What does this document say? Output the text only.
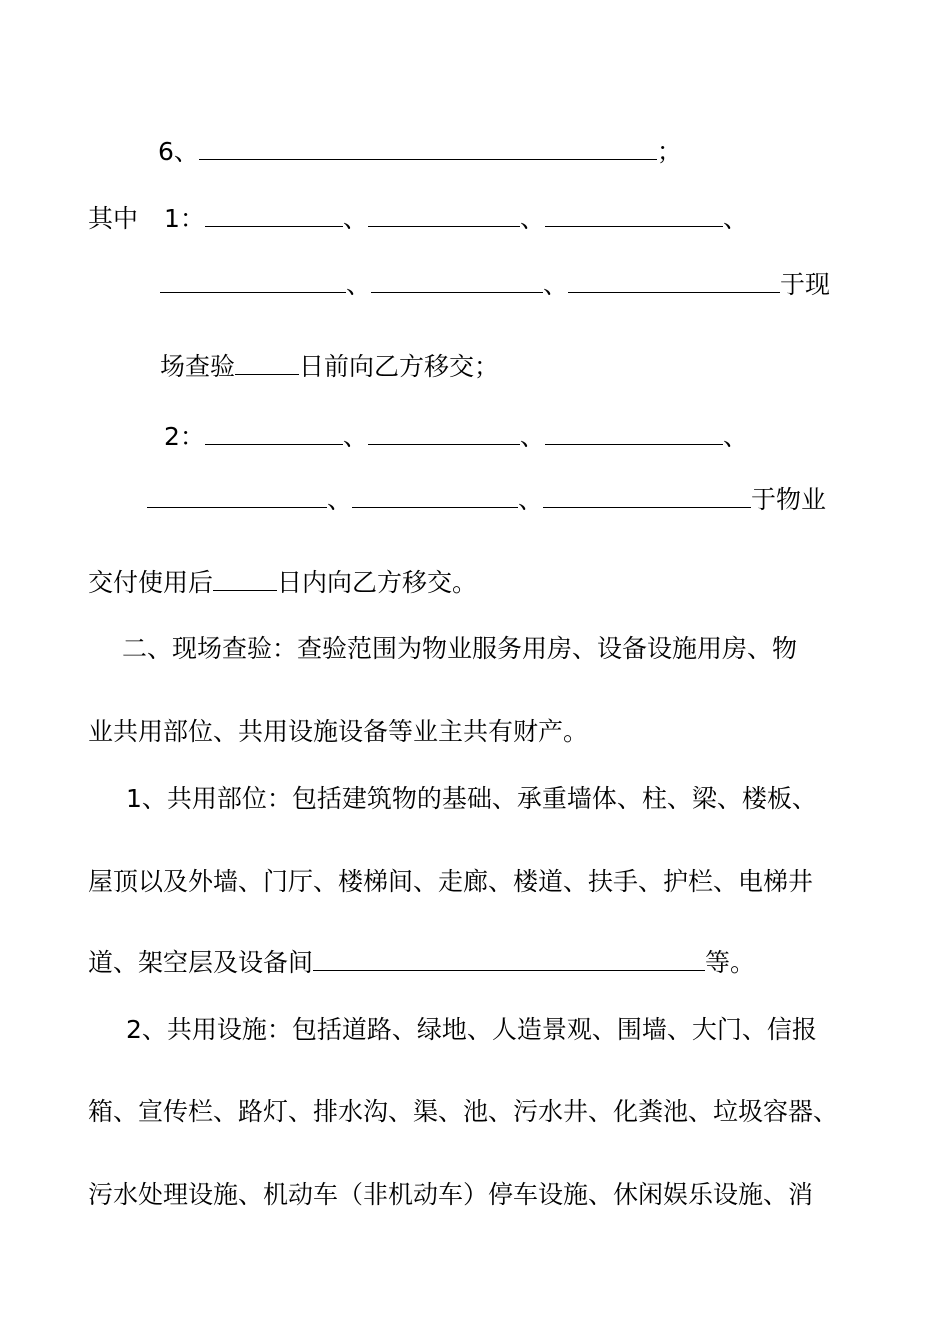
6、	；
其中 1：	、	、	、
、	、	于现
场查验	日前向乙方移交；
2：	、	、	、
、	、	于物业
交付使用后	日内向乙方移交。
二、现场查验：查验范围为物业服务用房、设备设施用房、物
业共用部位、共用设施设备等业主共有财产。
1、共用部位：包括建筑物的基础、承重墙体、柱、梁、楼板、
屋顶以及外墙、门厅、楼梯间、走廊、楼道、扶手、护栏、电梯井
道、架空层及设备间	等。
2、共用设施：包括道路、绿地、人造景观、围墙、大门、信报
箱、宣传栏、路灯、排水沟、渠、池、污水井、化粪池、垃圾容器、
污水处理设施、机动车（非机动车）停车设施、休闲娱乐设施、消
